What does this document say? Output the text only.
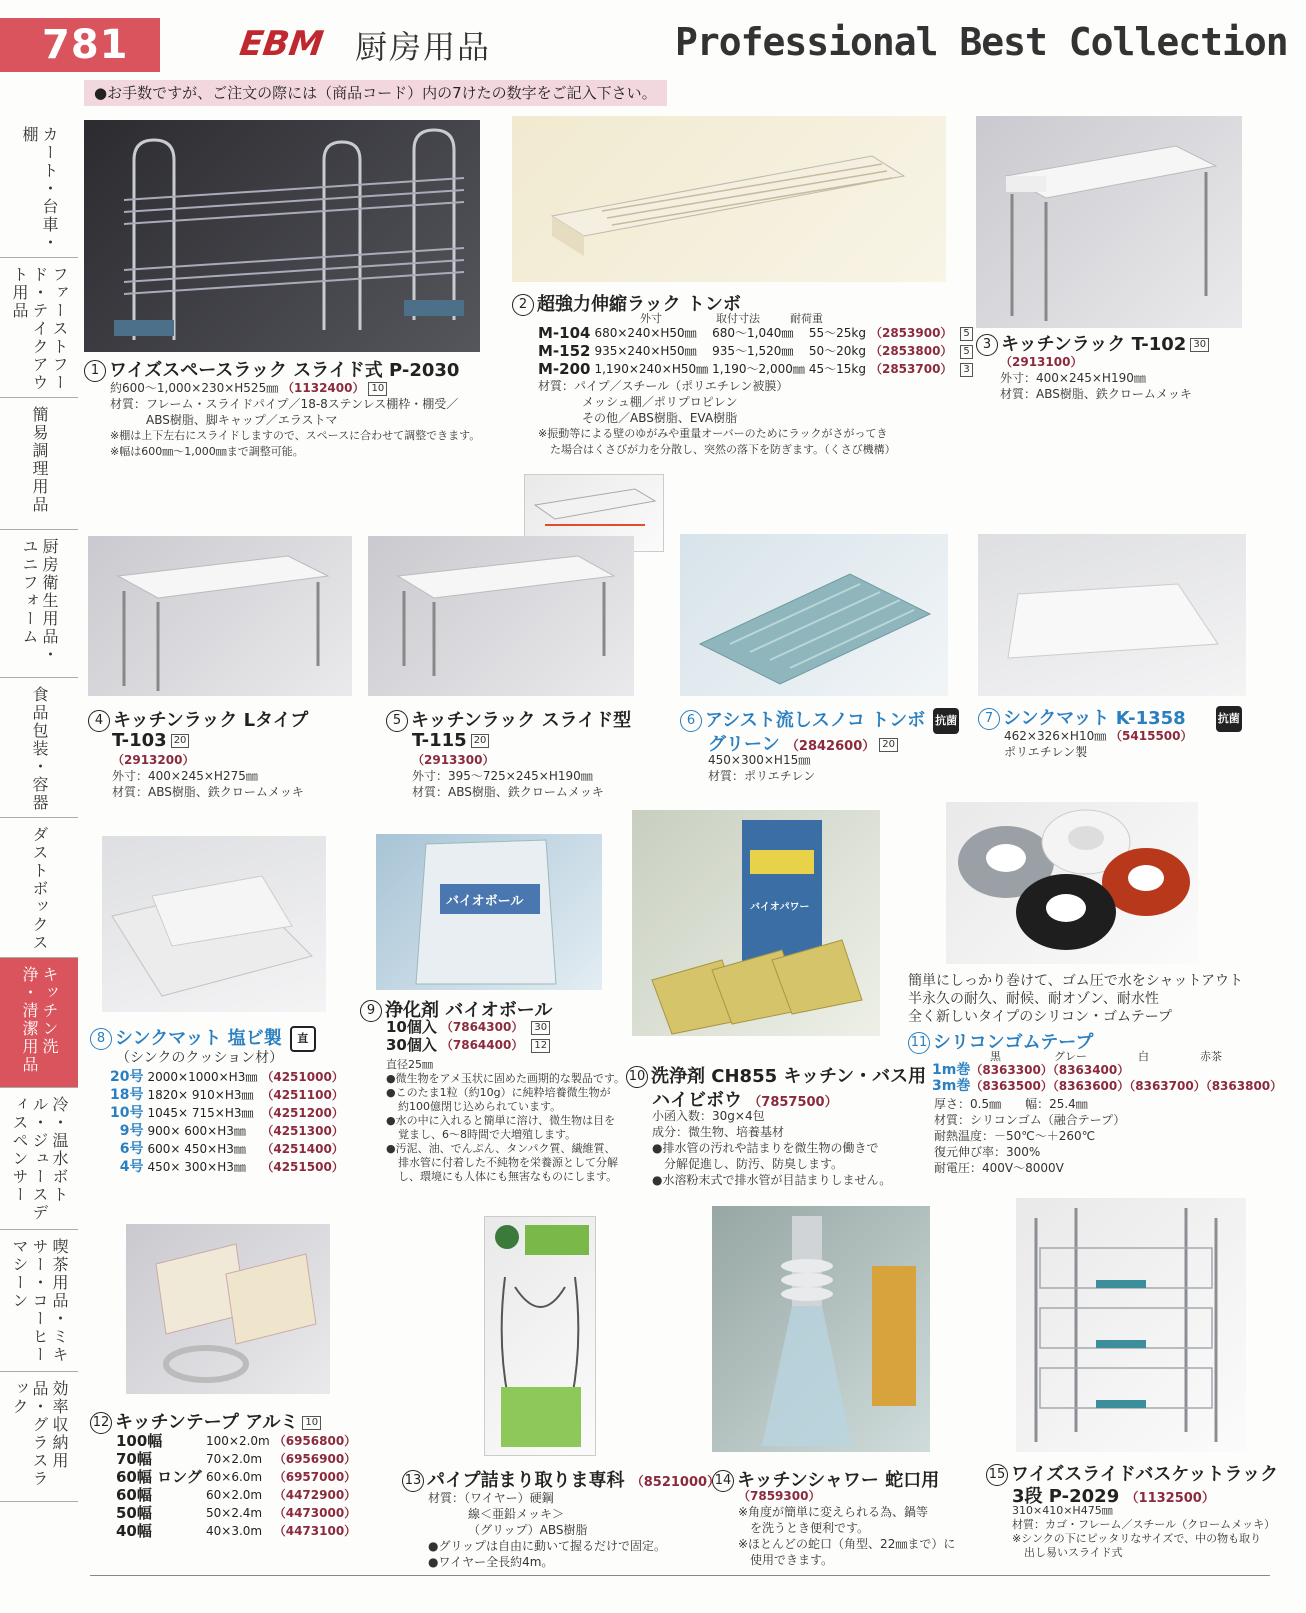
781	EBM 厨房用品	Professional Best Collection
●お手数ですが、ご注文の際には（商品コード）内の7けたの数字をご記入下さい。
カート・台車・棚
ファーストフード・テイクアウト用品
簡易調理用品
厨房衛生用品・ユニフォーム
食品包装・容器
ダストボックス
キッチン洗浄・清潔用品
冷・温水ボトル・ジュースディスペンサー
喫茶用品・ミキサー・コーヒーマシーン
効率収納用品・グラスラック
1 ワイズスペースラック スライド式 P-2030
約600～1,000×230×H525㎜ （1132400） 10
材質：フレーム・スライドパイプ／18-8ステンレス棚枠・棚受／
ABS樹脂、脚キャップ／エラストマ
※棚は上下左右にスライドしますので、スペースに合わせて調整できます。
※幅は600㎜～1,000㎜まで調整可能。
2 超強力伸縮ラック トンボ
外寸	取付寸法	耐荷重
M-104	680×240×H50㎜	680～1,040㎜	55～25kg	（2853900）	5
M-152	935×240×H50㎜	935～1,520㎜	50～20kg	（2853800）	5
M-200	1,190×240×H50㎜	1,190～2,000㎜	45～15kg	（2853700）	3
材質：パイプ／スチール（ポリエチレン被膜）
メッシュ棚／ポリプロピレン
その他／ABS樹脂、EVA樹脂
※振動等による壁のゆがみや重量オーバーのためにラックがさがってき
た場合はくさびが力を分散し、突然の落下を防ぎます。（くさび機構）
3 キッチンラック T-102 30
（2913100）
外寸：400×245×H190㎜
材質：ABS樹脂、鉄クロームメッキ
4 キッチンラック Lタイプ
T-103 20
（2913200）
外寸：400×245×H275㎜
材質：ABS樹脂、鉄クロームメッキ
5 キッチンラック スライド型
T-115 20
（2913300）
外寸：395～725×245×H190㎜
材質：ABS樹脂、鉄クロームメッキ
6 アシスト流しスノコ トンボ 抗菌
グリーン （2842600） 20
450×300×H15㎜
材質：ポリエチレン
7 シンクマット K-1358	抗菌
462×326×H10㎜ （5415500）
ポリエチレン製
8 シンクマット 塩ビ製 直
（シンクのクッション材）
20号	2000×1000×H3㎜	（4251000）
18号	1820× 910×H3㎜	（4251100）
10号	1045× 715×H3㎜	（4251200）
9号	900× 600×H3㎜	（4251300）
6号	600× 450×H3㎜	（4251400）
4号	450× 300×H3㎜	（4251500）
バイオボール
9 浄化剤 バイオボール
10個入	（7864300）	30
30個入	（7864400）	12
直径25㎜
●微生物をアメ玉状に固めた画期的な製品です。
●このたま1粒（約10g）に純粋培養微生物が
約100億閉じ込められています。
●水の中に入れると簡単に溶け、微生物は目を
覚まし、6～8時間で大増殖します。
●汚泥、油、でんぷん、タンパク質、繊維質、
排水管に付着した不純物を栄養源として分解
し、環境にも人体にも無害なものにします。
バイオパワー
10 洗浄剤 CH855 キッチン・バス用
ハイビボウ （7857500）
小函入数：30g×4包
成分：微生物、培養基材
●排水管の汚れや詰まりを微生物の働きで
分解促進し、防汚、防臭します。
●水溶粉末式で排水管が目詰まりしません。
簡単にしっかり巻けて、ゴム圧で水をシャットアウト
半永久の耐久、耐候、耐オゾン、耐水性
全く新しいタイプのシリコン・ゴムテープ
11 シリコンゴムテープ
黒	グレー	白	赤茶
1m巻（8363300）（8363400）
3m巻（8363500）（8363600）（8363700）（8363800）
厚さ：0.5㎜　　幅：25.4㎜
材質：シリコンゴム（融合テープ）
耐熱温度：－50℃～＋260℃
復元伸び率：300%
耐電圧：400V～8000V
12 キッチンテープ アルミ 10
100幅	100×2.0m	（6956800）
70幅	70×2.0m	（6956900）
60幅 ロング	60×6.0m	（6957000）
60幅	60×2.0m	（4472900）
50幅	50×2.4m	（4473000）
40幅	40×3.0m	（4473100）
13 パイプ詰まり取りま専科 （8521000）
材質：（ワイヤー）硬鋼
線＜亜鉛メッキ＞
（グリップ）ABS樹脂
●グリップは自由に動いて握るだけで固定。
●ワイヤー全長約4m。
14 キッチンシャワー 蛇口用
（7859300）
※角度が簡単に変えられる為、鍋等
を洗うとき便利です。
※ほとんどの蛇口（角型、22㎜まで）に
使用できます。
15 ワイズスライドバスケットラック
3段 P-2029 （1132500）
310×410×H475㎜
材質：カゴ・フレーム／スチール（クロームメッキ）
※シンクの下にピッタリなサイズで、中の物も取り
出し易いスライド式
